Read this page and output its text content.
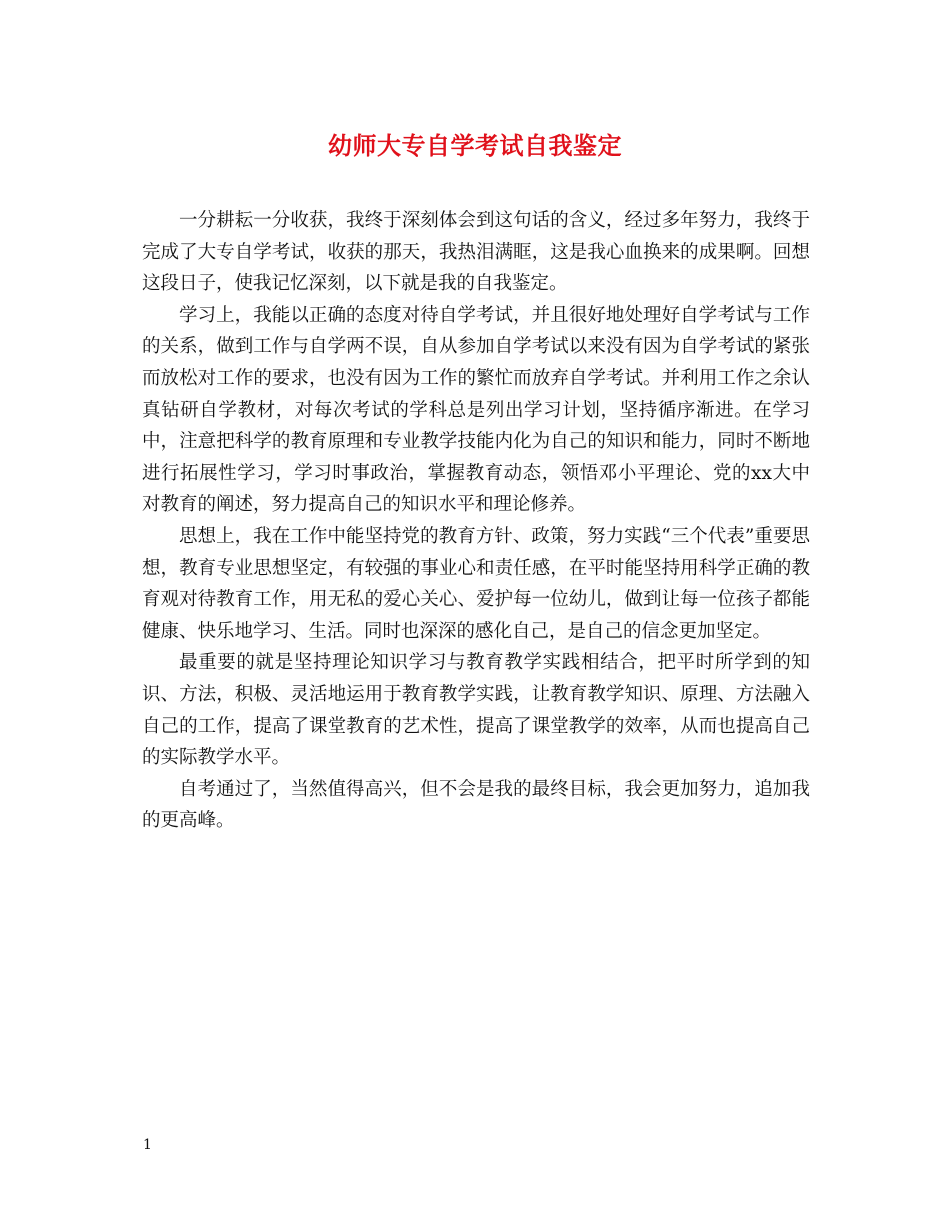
幼师大专自学考试自我鉴定

一分耕耘一分收获，我终于深刻体会到这句话的含义，经过多年努力，我终于完成了大专自学考试，收获的那天，我热泪满眶，这是我心血换来的成果啊。回想这段日子，使我记忆深刻，以下就是我的自我鉴定。

学习上，我能以正确的态度对待自学考试，并且很好地处理好自学考试与工作的关系，做到工作与自学两不误，自从参加自学考试以来没有因为自学考试的紧张而放松对工作的要求，也没有因为工作的繁忙而放弃自学考试。并利用工作之余认真钻研自学教材，对每次考试的学科总是列出学习计划，坚持循序渐进。在学习中，注意把科学的教育原理和专业教学技能内化为自己的知识和能力，同时不断地进行拓展性学习，学习时事政治，掌握教育动态，领悟邓小平理论、党的xx大中对教育的阐述，努力提高自己的知识水平和理论修养。

思想上，我在工作中能坚持党的教育方针、政策，努力实践“三个代表”重要思想，教育专业思想坚定，有较强的事业心和责任感，在平时能坚持用科学正确的教育观对待教育工作，用无私的爱心关心、爱护每一位幼儿，做到让每一位孩子都能健康、快乐地学习、生活。同时也深深的感化自己，是自己的信念更加坚定。

最重要的就是坚持理论知识学习与教育教学实践相结合，把平时所学到的知识、方法，积极、灵活地运用于教育教学实践，让教育教学知识、原理、方法融入自己的工作，提高了课堂教育的艺术性，提高了课堂教学的效率，从而也提高自己的实际教学水平。

自考通过了，当然值得高兴，但不会是我的最终目标，我会更加努力，追加我的更高峰。

1
